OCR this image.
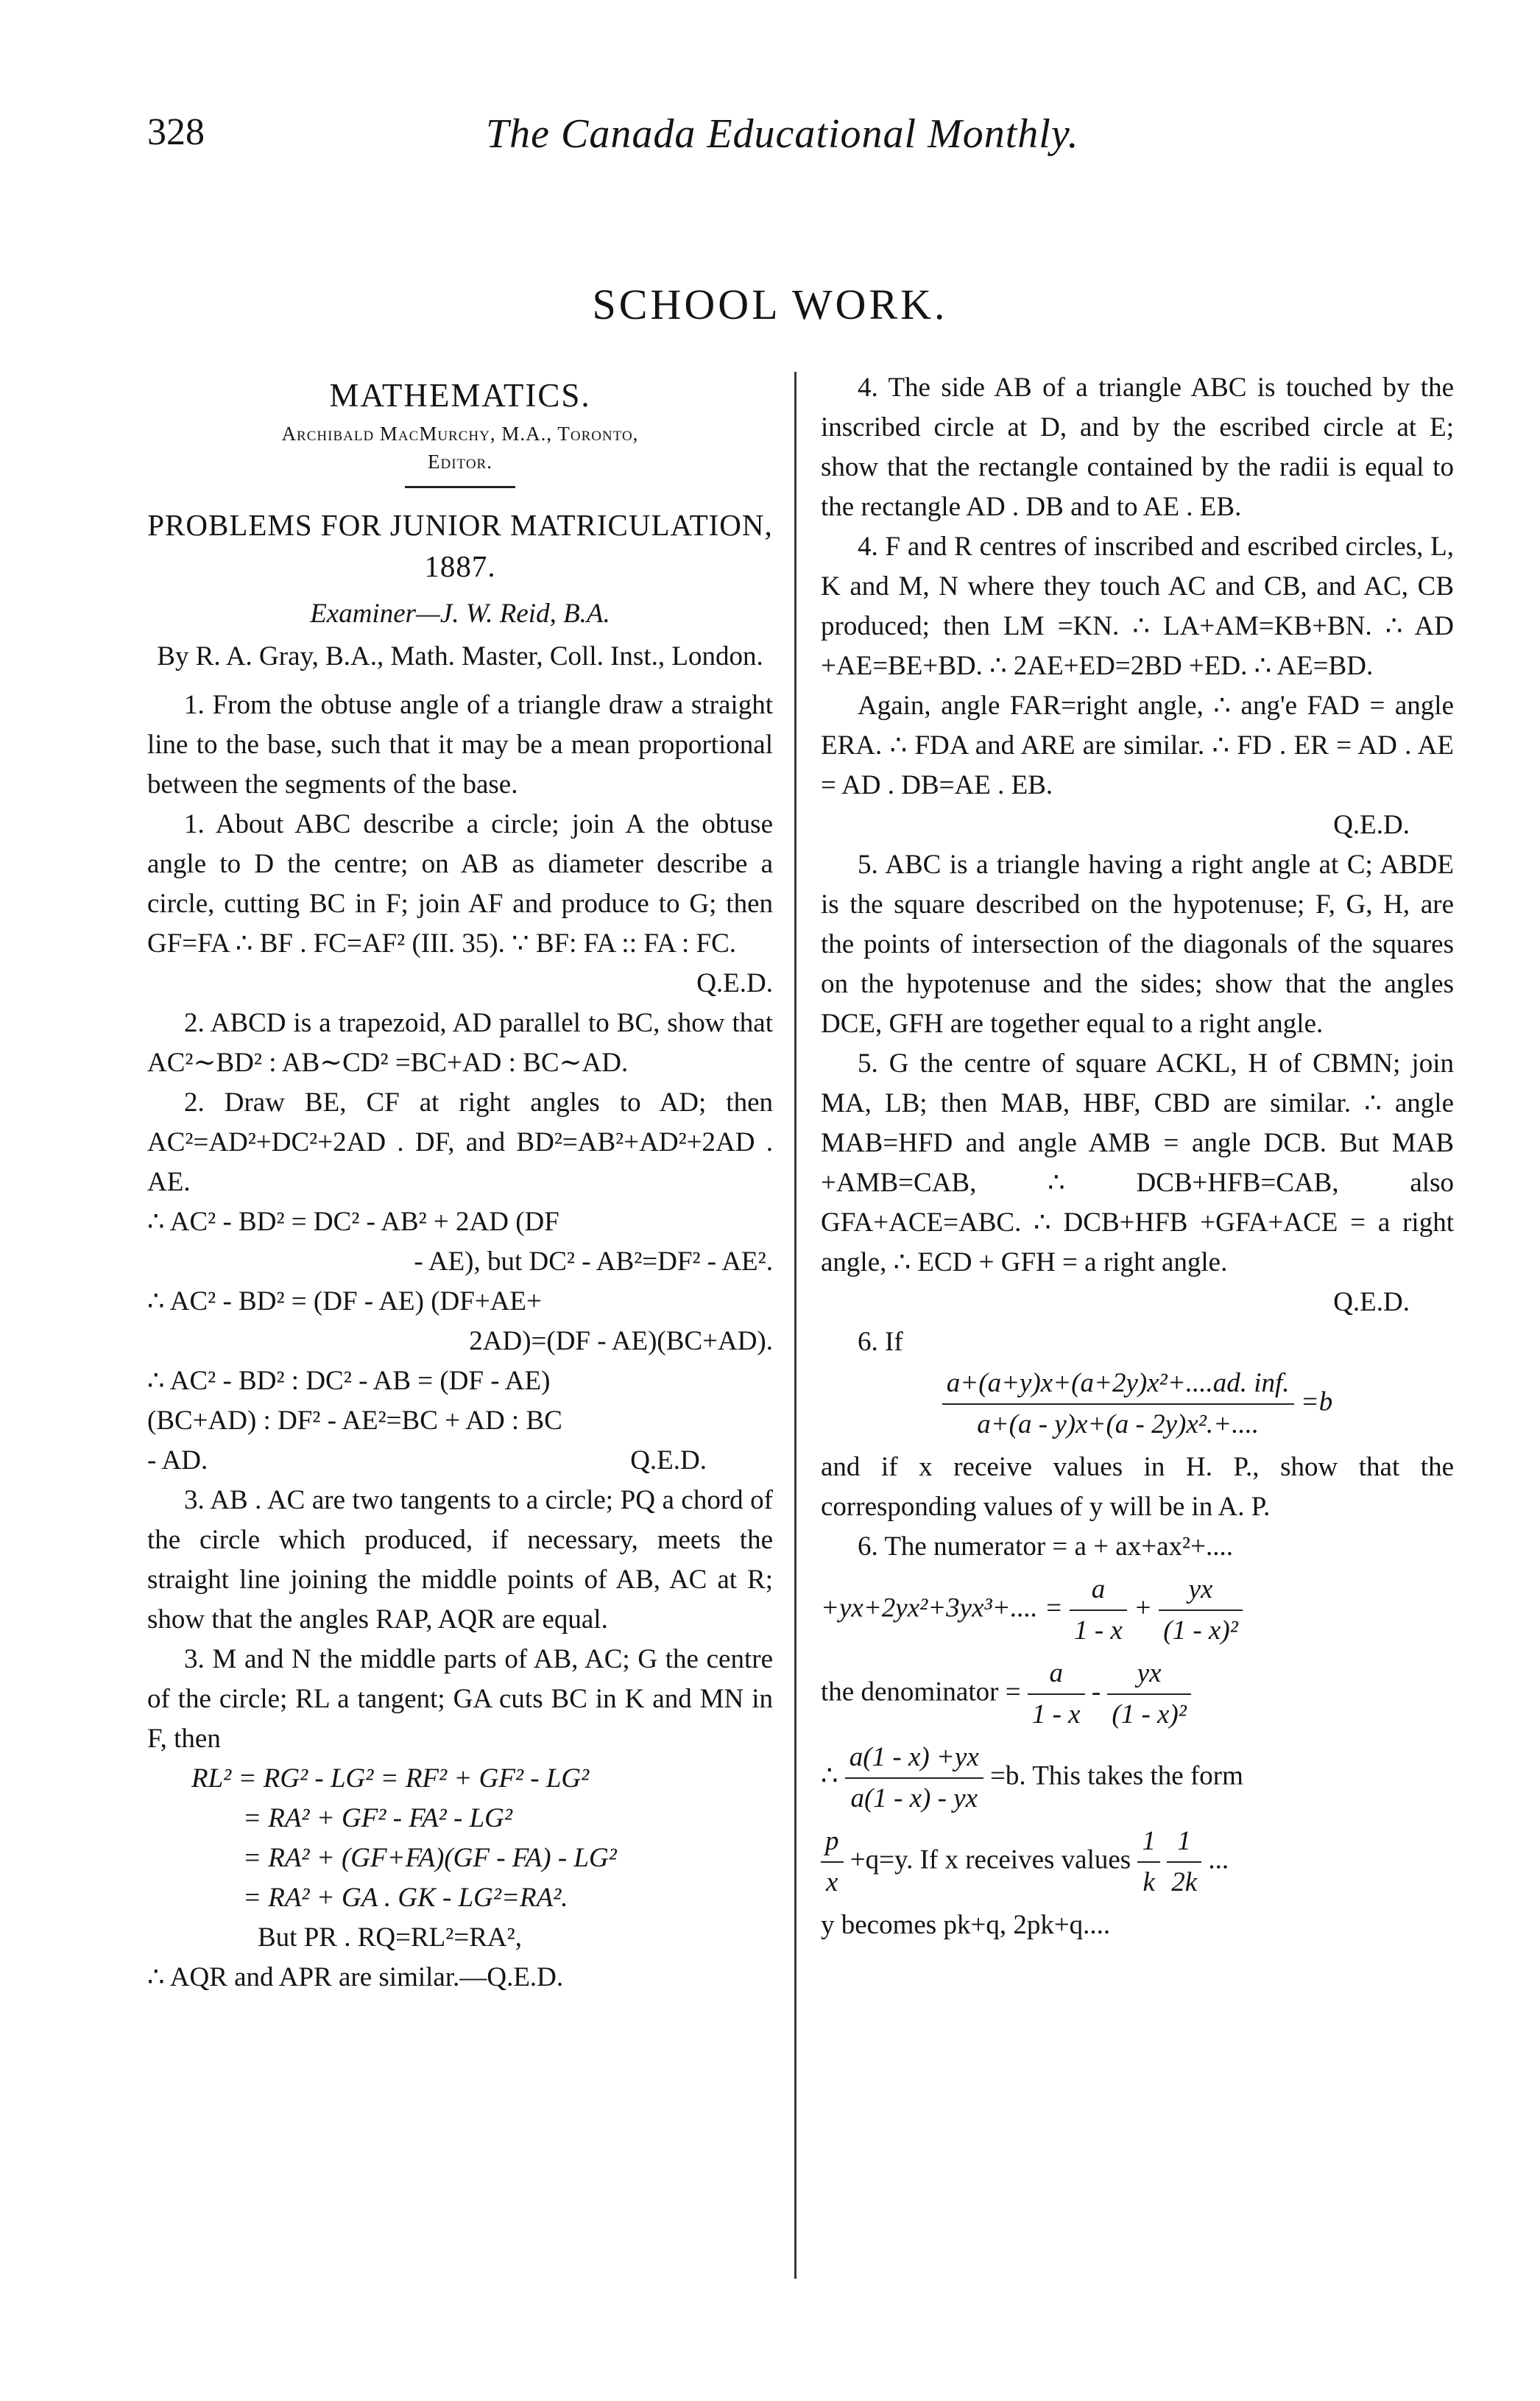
328	The Canada Educational Monthly.
SCHOOL WORK.
MATHEMATICS.
Archibald MacMurchy, M.A., Toronto,
Editor.
PROBLEMS FOR JUNIOR MATRICULATION, 1887.
Examiner—J. W. Reid, B.A.
By R. A. Gray, B.A., Math. Master, Coll. Inst., London.

1. From the obtuse angle of a triangle draw a straight line to the base, such that it may be a mean proportional between the segments of the base.

1. About ABC describe a circle; join A the obtuse angle to D the centre; on AB as diameter describe a circle, cutting BC in F; join AF and produce to G; then GF=FA ∴ BF . FC=AF² (III. 35). ∵ BF: FA :: FA : FC.

Q.E.D.

2. ABCD is a trapezoid, AD parallel to BC, show that AC²∼BD² : AB∼CD² =BC+AD : BC∼AD.

2. Draw BE, CF at right angles to AD; then AC²=AD²+DC²+2AD . DF, and BD²=AB²+AD²+2AD . AE.

∴ AC² - BD² = DC² - AB² + 2AD (DF

- AE), but DC² - AB²=DF² - AE².

∴ AC² - BD² = (DF - AE) (DF+AE+

2AD)=(DF - AE)(BC+AD).

∴ AC² - BD² : DC² - AB = (DF - AE)

(BC+AD) : DF² - AE²=BC + AD : BC

- AD.	Q.E.D.

3. AB . AC are two tangents to a circle; PQ a chord of the circle which produced, if necessary, meets the straight line joining the middle points of AB, AC at R; show that the angles RAP, AQR are equal.

3. M and N the middle parts of AB, AC; G the centre of the circle; RL a tangent; GA cuts BC in K and MN in F, then

RL² = RG² - LG² = RF² + GF² - LG²

= RA² + GF² - FA² - LG²

= RA² + (GF+FA)(GF - FA) - LG²

= RA² + GA . GK - LG²=RA².

But PR . RQ=RL²=RA²,

∴ AQR and APR are similar.—Q.E.D.

4. The side AB of a triangle ABC is touched by the inscribed circle at D, and by the escribed circle at E; show that the rectangle contained by the radii is equal to the rectangle AD . DB and to AE . EB.

4. F and R centres of inscribed and escribed circles, L, K and M, N where they touch AC and CB, and AC, CB produced; then LM =KN. ∴ LA+AM=KB+BN. ∴ AD +AE=BE+BD. ∴ 2AE+ED=2BD +ED. ∴ AE=BD.

Again, angle FAR=right angle, ∴ ang'e FAD = angle ERA. ∴ FDA and ARE are similar. ∴ FD . ER = AD . AE = AD . DB=AE . EB.

Q.E.D.

5. ABC is a triangle having a right angle at C; ABDE is the square described on the hypotenuse; F, G, H, are the points of intersection of the diagonals of the squares on the hypotenuse and the sides; show that the angles DCE, GFH are together equal to a right angle.

5. G the centre of square ACKL, H of CBMN; join MA, LB; then MAB, HBF, CBD are similar. ∴ angle MAB=HFD and angle AMB = angle DCB. But MAB +AMB=CAB, ∴ DCB+HFB=CAB, also GFA+ACE=ABC. ∴ DCB+HFB +GFA+ACE = a right angle, ∴ ECD + GFH = a right angle.

Q.E.D.

6. If

a+(a+y)x+(a+2y)x²+....ad. inf.
a+(a - y)x+(a - 2y)x².+....
=b

and if x receive values in H. P., show that the corresponding values of y will be in A. P.

6. The numerator = a + ax+ax²+....

+yx+2yx²+3yx³+.... = $\frac{a}{1 - x} + \frac{yx}{\text{(1 - x)²}}$
the denominator = $\frac{a}{1 - x} - \frac{yx}{\text{(1 - x)²}}$
∴ $\frac{a(1 - x) +yx}{a(1 - x) - yx} =b$. This takes the form
$\frac{p}{x} +q=y$. If x receives values $\frac{1}{k}$
$\frac{1}{2k}$ ...

y becomes pk+q, 2pk+q....
